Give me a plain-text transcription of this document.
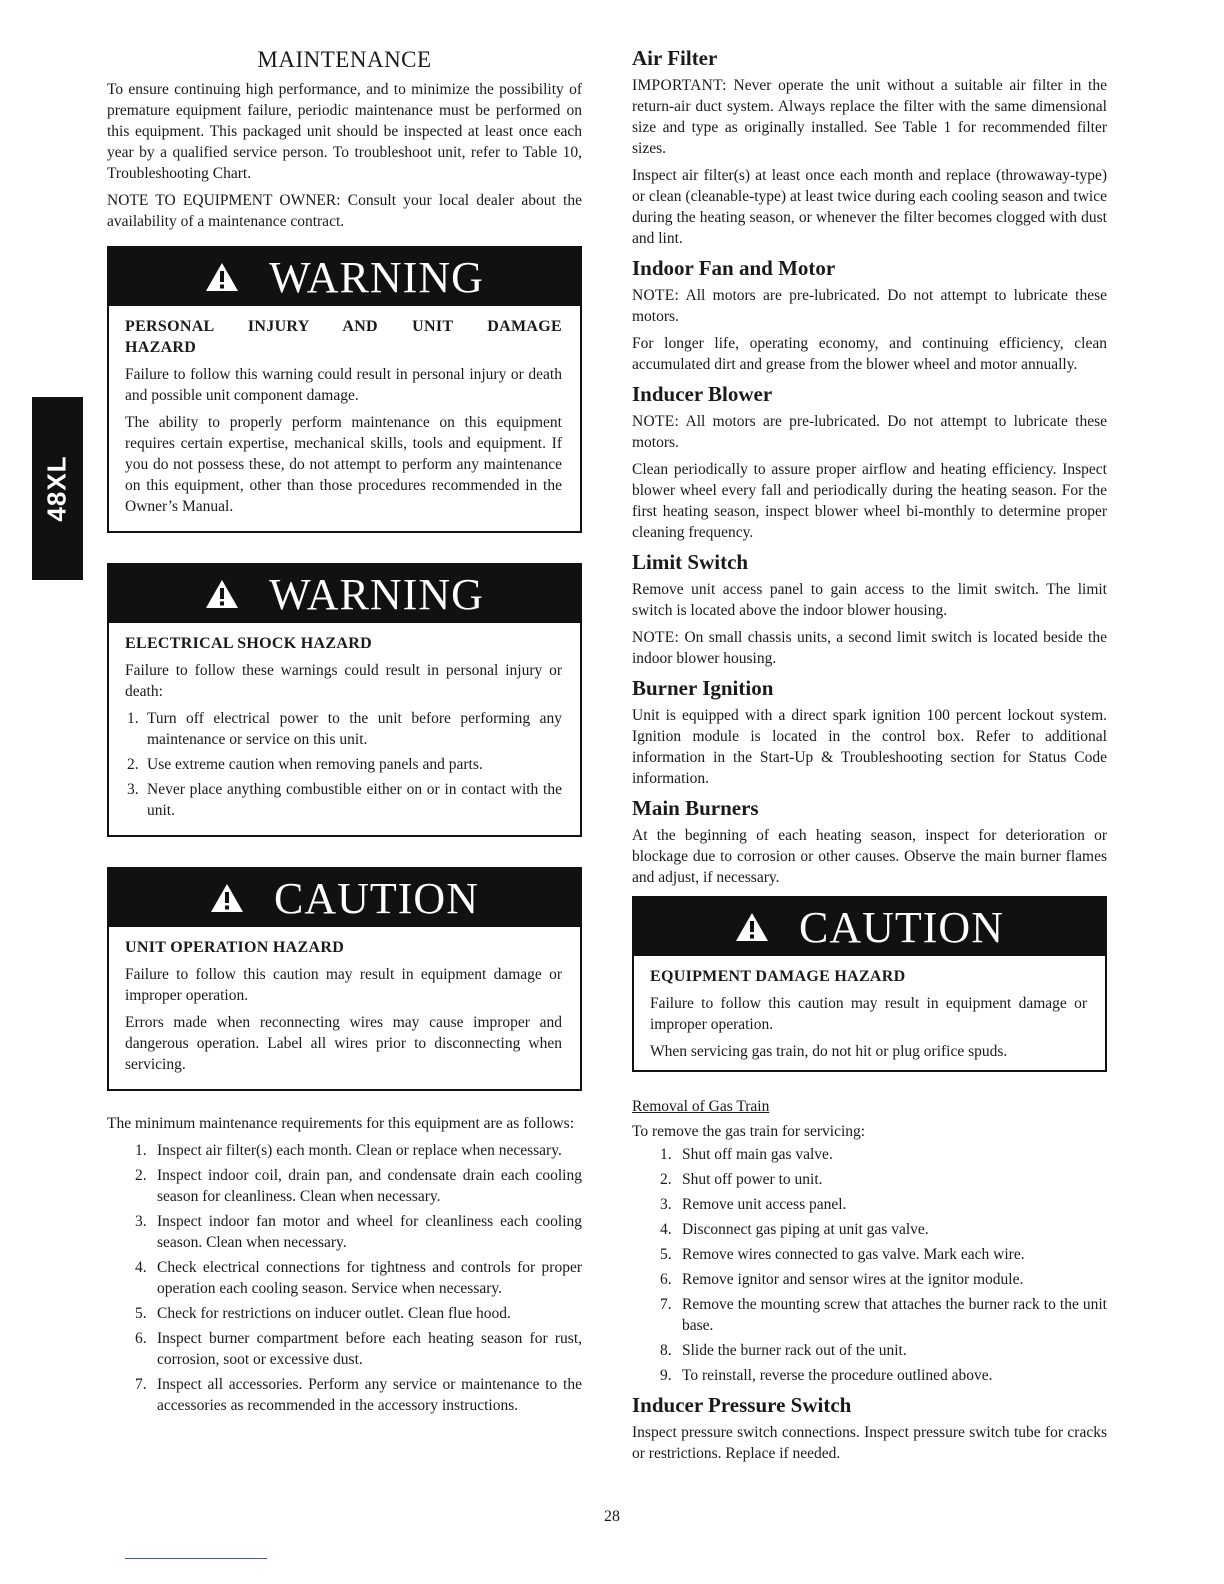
48XL
MAINTENANCE

To ensure continuing high performance, and to minimize the possibility of premature equipment failure, periodic maintenance must be performed on this equipment. This packaged unit should be inspected at least once each year by a qualified service person. To troubleshoot unit, refer to Table 10, Troubleshooting Chart.

NOTE TO EQUIPMENT OWNER: Consult your local dealer about the availability of a maintenance contract.

WARNING

PERSONAL INJURY AND UNIT DAMAGE HAZARD

Failure to follow this warning could result in personal injury or death and possible unit component damage.

The ability to properly perform maintenance on this equipment requires certain expertise, mechanical skills, tools and equipment. If you do not possess these, do not attempt to perform any maintenance on this equipment, other than those procedures recommended in the Owner’s Manual.

WARNING

ELECTRICAL SHOCK HAZARD

Failure to follow these warnings could result in personal injury or death:

1. Turn off electrical power to the unit before performing any maintenance or service on this unit.
2. Use extreme caution when removing panels and parts.
3. Never place anything combustible either on or in contact with the unit.
CAUTION

UNIT OPERATION HAZARD

Failure to follow this caution may result in equipment damage or improper operation.

Errors made when reconnecting wires may cause improper and dangerous operation. Label all wires prior to disconnecting when servicing.

The minimum maintenance requirements for this equipment are as follows:

1. Inspect air filter(s) each month. Clean or replace when necessary.
2. Inspect indoor coil, drain pan, and condensate drain each cooling season for cleanliness. Clean when necessary.
3. Inspect indoor fan motor and wheel for cleanliness each cooling season. Clean when necessary.
4. Check electrical connections for tightness and controls for proper operation each cooling season. Service when necessary.
5. Check for restrictions on inducer outlet. Clean flue hood.
6. Inspect burner compartment before each heating season for rust, corrosion, soot or excessive dust.
7. Inspect all accessories. Perform any service or maintenance to the accessories as recommended in the accessory instructions.
Air Filter

IMPORTANT: Never operate the unit without a suitable air filter in the return-air duct system. Always replace the filter with the same dimensional size and type as originally installed. See Table 1 for recommended filter sizes.

Inspect air filter(s) at least once each month and replace (throwaway-type) or clean (cleanable-type) at least twice during each cooling season and twice during the heating season, or whenever the filter becomes clogged with dust and lint.

Indoor Fan and Motor

NOTE: All motors are pre-lubricated. Do not attempt to lubricate these motors.

For longer life, operating economy, and continuing efficiency, clean accumulated dirt and grease from the blower wheel and motor annually.

Inducer Blower

NOTE: All motors are pre-lubricated. Do not attempt to lubricate these motors.

Clean periodically to assure proper airflow and heating efficiency. Inspect blower wheel every fall and periodically during the heating season. For the first heating season, inspect blower wheel bi-monthly to determine proper cleaning frequency.

Limit Switch

Remove unit access panel to gain access to the limit switch. The limit switch is located above the indoor blower housing.

NOTE: On small chassis units, a second limit switch is located beside the indoor blower housing.

Burner Ignition

Unit is equipped with a direct spark ignition 100 percent lockout system. Ignition module is located in the control box. Refer to additional information in the Start-Up & Troubleshooting section for Status Code information.

Main Burners

At the beginning of each heating season, inspect for deterioration or blockage due to corrosion or other causes. Observe the main burner flames and adjust, if necessary.

CAUTION

EQUIPMENT DAMAGE HAZARD

Failure to follow this caution may result in equipment damage or improper operation.

When servicing gas train, do not hit or plug orifice spuds.

Removal of Gas Train

To remove the gas train for servicing:

1. Shut off main gas valve.
2. Shut off power to unit.
3. Remove unit access panel.
4. Disconnect gas piping at unit gas valve.
5. Remove wires connected to gas valve. Mark each wire.
6. Remove ignitor and sensor wires at the ignitor module.
7. Remove the mounting screw that attaches the burner rack to the unit base.
8. Slide the burner rack out of the unit.
9. To reinstall, reverse the procedure outlined above.
Inducer Pressure Switch

Inspect pressure switch connections. Inspect pressure switch tube for cracks or restrictions. Replace if needed.

28
